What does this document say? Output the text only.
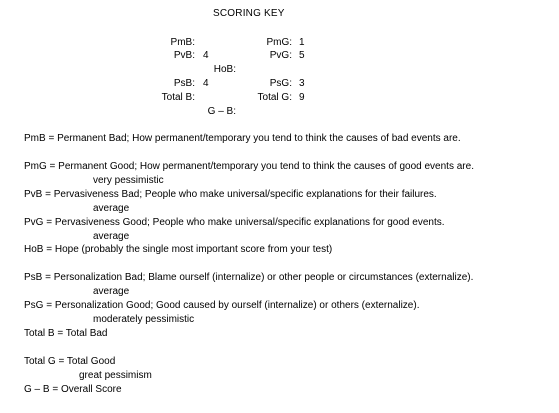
SCORING KEY
PmB:
PvB: 4
PsB: 4
Total B:
HoB:
G – B:
PmG: 1
PvG: 5
PsG: 3
Total G: 9
PmB = Permanent Bad; How permanent/temporary you tend to think the causes of bad events are.
PmG = Permanent Good; How permanent/temporary you tend to think the causes of good events are.
very pessimistic
PvB = Pervasiveness Bad; People who make universal/specific explanations for their failures.
average
PvG = Pervasiveness Good; People who make universal/specific explanations for good events.
average
HoB = Hope (probably the single most important score from your test)
PsB = Personalization Bad; Blame ourself (internalize) or other people or circumstances (externalize).
average
PsG = Personalization Good; Good caused by ourself (internalize) or others (externalize).
moderately pessimistic
Total B = Total Bad
Total G = Total Good
great pessimism
G – B = Overall Score
